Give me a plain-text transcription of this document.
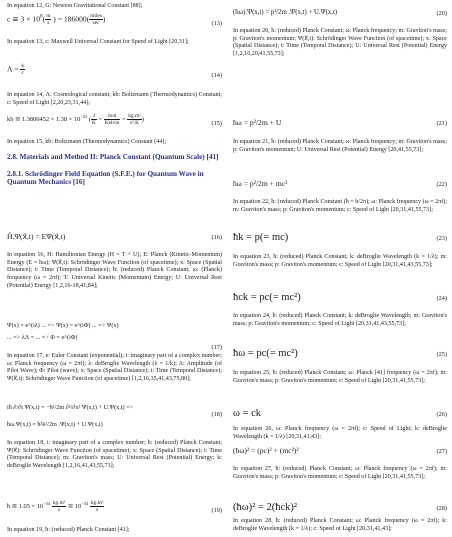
In equation 12, G: Newton Gravitational Constant [88];
c ≅ $3 \times 10^8( \frac{m}{s}$ ) = $186000( \frac{\text{miles}}{\sec}$ )
(13)
In equation 13, c: Maxwell Universal Constant for Speed of Light [20,31];
$\Lambda = \frac{k}{c}$	(14)
In equation 14, Λ: Cosmological constant; kb: Boltzmann (Thermodynamics) Constant; c: Speed of Light [2,20,23,31,44];
kb ≅ $1.3806452 \times 1.38 \times 10^{-23}$ ( $\frac{J}{K} = \frac{\text{Joul}}{\text{Kelvin}} = \frac{\text{kg.m²}}{\text{s².K}}$ )
(15)
In equation 15, kb: Boltzmann (Thermodynamics) Constant [44];
2.8. Materials and Method II: Planck Constant (Quantum Scale) [41]
2.8.1. Schrödinger Field Equation (S.F.E.) for Quantum Wave in Quantum Mechanics [16]
Ĥ.Ψ(x⃗,t) = EΨ(x⃗,t)	(16)
In equation 16, H: Hamiltonian Energy (H = T + U); E: Planck (Kinetic-Momentum) Energy (E = ħω); Ψ(x⃗,t): Schrödinger Wave Function (of spacetime); x: Space (Spatial Distance); t: Time (Temporal Distance); ħ: (reduced) Planck Constant; ω: (Planck) frequency (ω = 2πf); T: Universal Kinetic (Momentum) Energy; U: Universal Rest (Potential) Energy [1,2,16-18,41,84];
Ψ(x) = e^(iλ) ... => Ψ(x) = e^(iΦ) ... => Ψ(x)
... => λΛ = ... => Φ = e^(iΦ)
(17)
In equation 17, e: Euler Constant (exponential); i: imaginary part of a complex number; ω: Planck frequency (ω = 2πf); λ: deBroglie Wavelength (λ = 1/k); A: Amplitude (of Pilot Wave); Φ: Pilot (wave); x: Space (Spatial Distance); t: Time (Temporal Distance); Ψ(x⃗,t): Schrödinger Wave Function (of spacetime) [1,2,16,35,41,43,75,80];
iħ ∂/∂t Ψ(x,t) = −ħ²/2m ∂²/∂x² Ψ(x,t) + U.Ψ(x,t) =>
ħω.Ψ(x,t) = ħ²k²/2m .Ψ(x,t) + U.Ψ(x,t)
(18)
In equation 18, i: imaginary part of a complex number; ħ: (reduced) Planck Constant; Ψ(x⃗): Schrödinger Wave Function (of spacetime); x: Space (Spatial Distance); t: Time (Temporal Distance); m: Graviton's mass; U: Universal Rest (Potential) Energy; k: deBroglie Wavelength [1,2,16,41,43,55,73];
ħ ≅ $1.05 \times 10^{-34} \frac{\text{kg.m²}}{s}$ ≅ $10^{-34} \frac{\text{kg.m²}}{s}$	(19)
In equation 19, ħ: (reduced) Planck Constant [41];
(ħω).Ψ(x,t) = p²/2m .Ψ(x,t) + U.Ψ(x,t)	(20)
In equation 20, ħ: (reduced) Planck Constant; ω: Planck frequency; m: Graviton's mass; p: Graviton's momentum; Ψ(x⃗,t): Schrödinger Wave Function (of spacetime); x: Space (Spatial Distance); t: Time (Temporal Distance); U: Universal Rest (Potential) Energy [1,2,16,20,41,55,73];
ħω = p²/2m + U	(21)
In equation 21, ħ: (reduced) Planck Constant; ω: Planck frequency; m: Graviton's mass; p: Graviton's momentum; U: Universal Rest (Potential) Energy [20,41,55,73];
ħω = p²/2m + mc²	(22)
In equation 22, ħ: (reduced) Planck Constant (ħ = h/2π); ω: Planck frequency (ω = 2πf); m: Graviton's mass; p: Graviton's momentum; c: Speed of Light [20,31,41,55,73];
ħk = p(= mc)	(23)
In equation 23, ħ: (reduced) Planck Constant; k: deBroglie Wavelength (k = 1/λ); m: Graviton's mass; p: Graviton's momentum; c: Speed of Light [20,31,41,43,55,73];
ħck = pc(= mc²)	(24)
In equation 24, ħ: (reduced) Planck Constant; k: deBroglie Wavelength; m: Graviton's mass; p: Graviton's momentum; c: Speed of Light [20,31,41,43,55,73];
ħω = pc(= mc²)	(25)
In equation 25, ħ: (reduced) Planck Constant; ω: Planck [41] frequency (ω = 2πf); m: Graviton's mass; p: Graviton's momentum; c: Speed of Light [20,31,41,55,73];
ω = ck	(26)
In equation 26, ω: Planck frequency (ω = 2πf); c: Speed of Light; k: deBroglie Wavelength (k = 1/λ) [20,31,41,43];
(ħω)² = (pc)² + (mc²)²	(27)
In equation 27, ħ: (reduced) Planck Constant; ω: Planck frequency (ω = 2πf); m: Graviton's mass; p: Graviton's momentum; c: Speed of Light [20,31,41,55,73];
(ħω)² = 2(ħck)²	(28)
In equation 28, ħ: (reduced) Planck Constant; ω: Planck frequency (ω = 2πf); k: deBroglie Wavelength (k = 1/λ); c: Speed of Light [20,31,41,43];
